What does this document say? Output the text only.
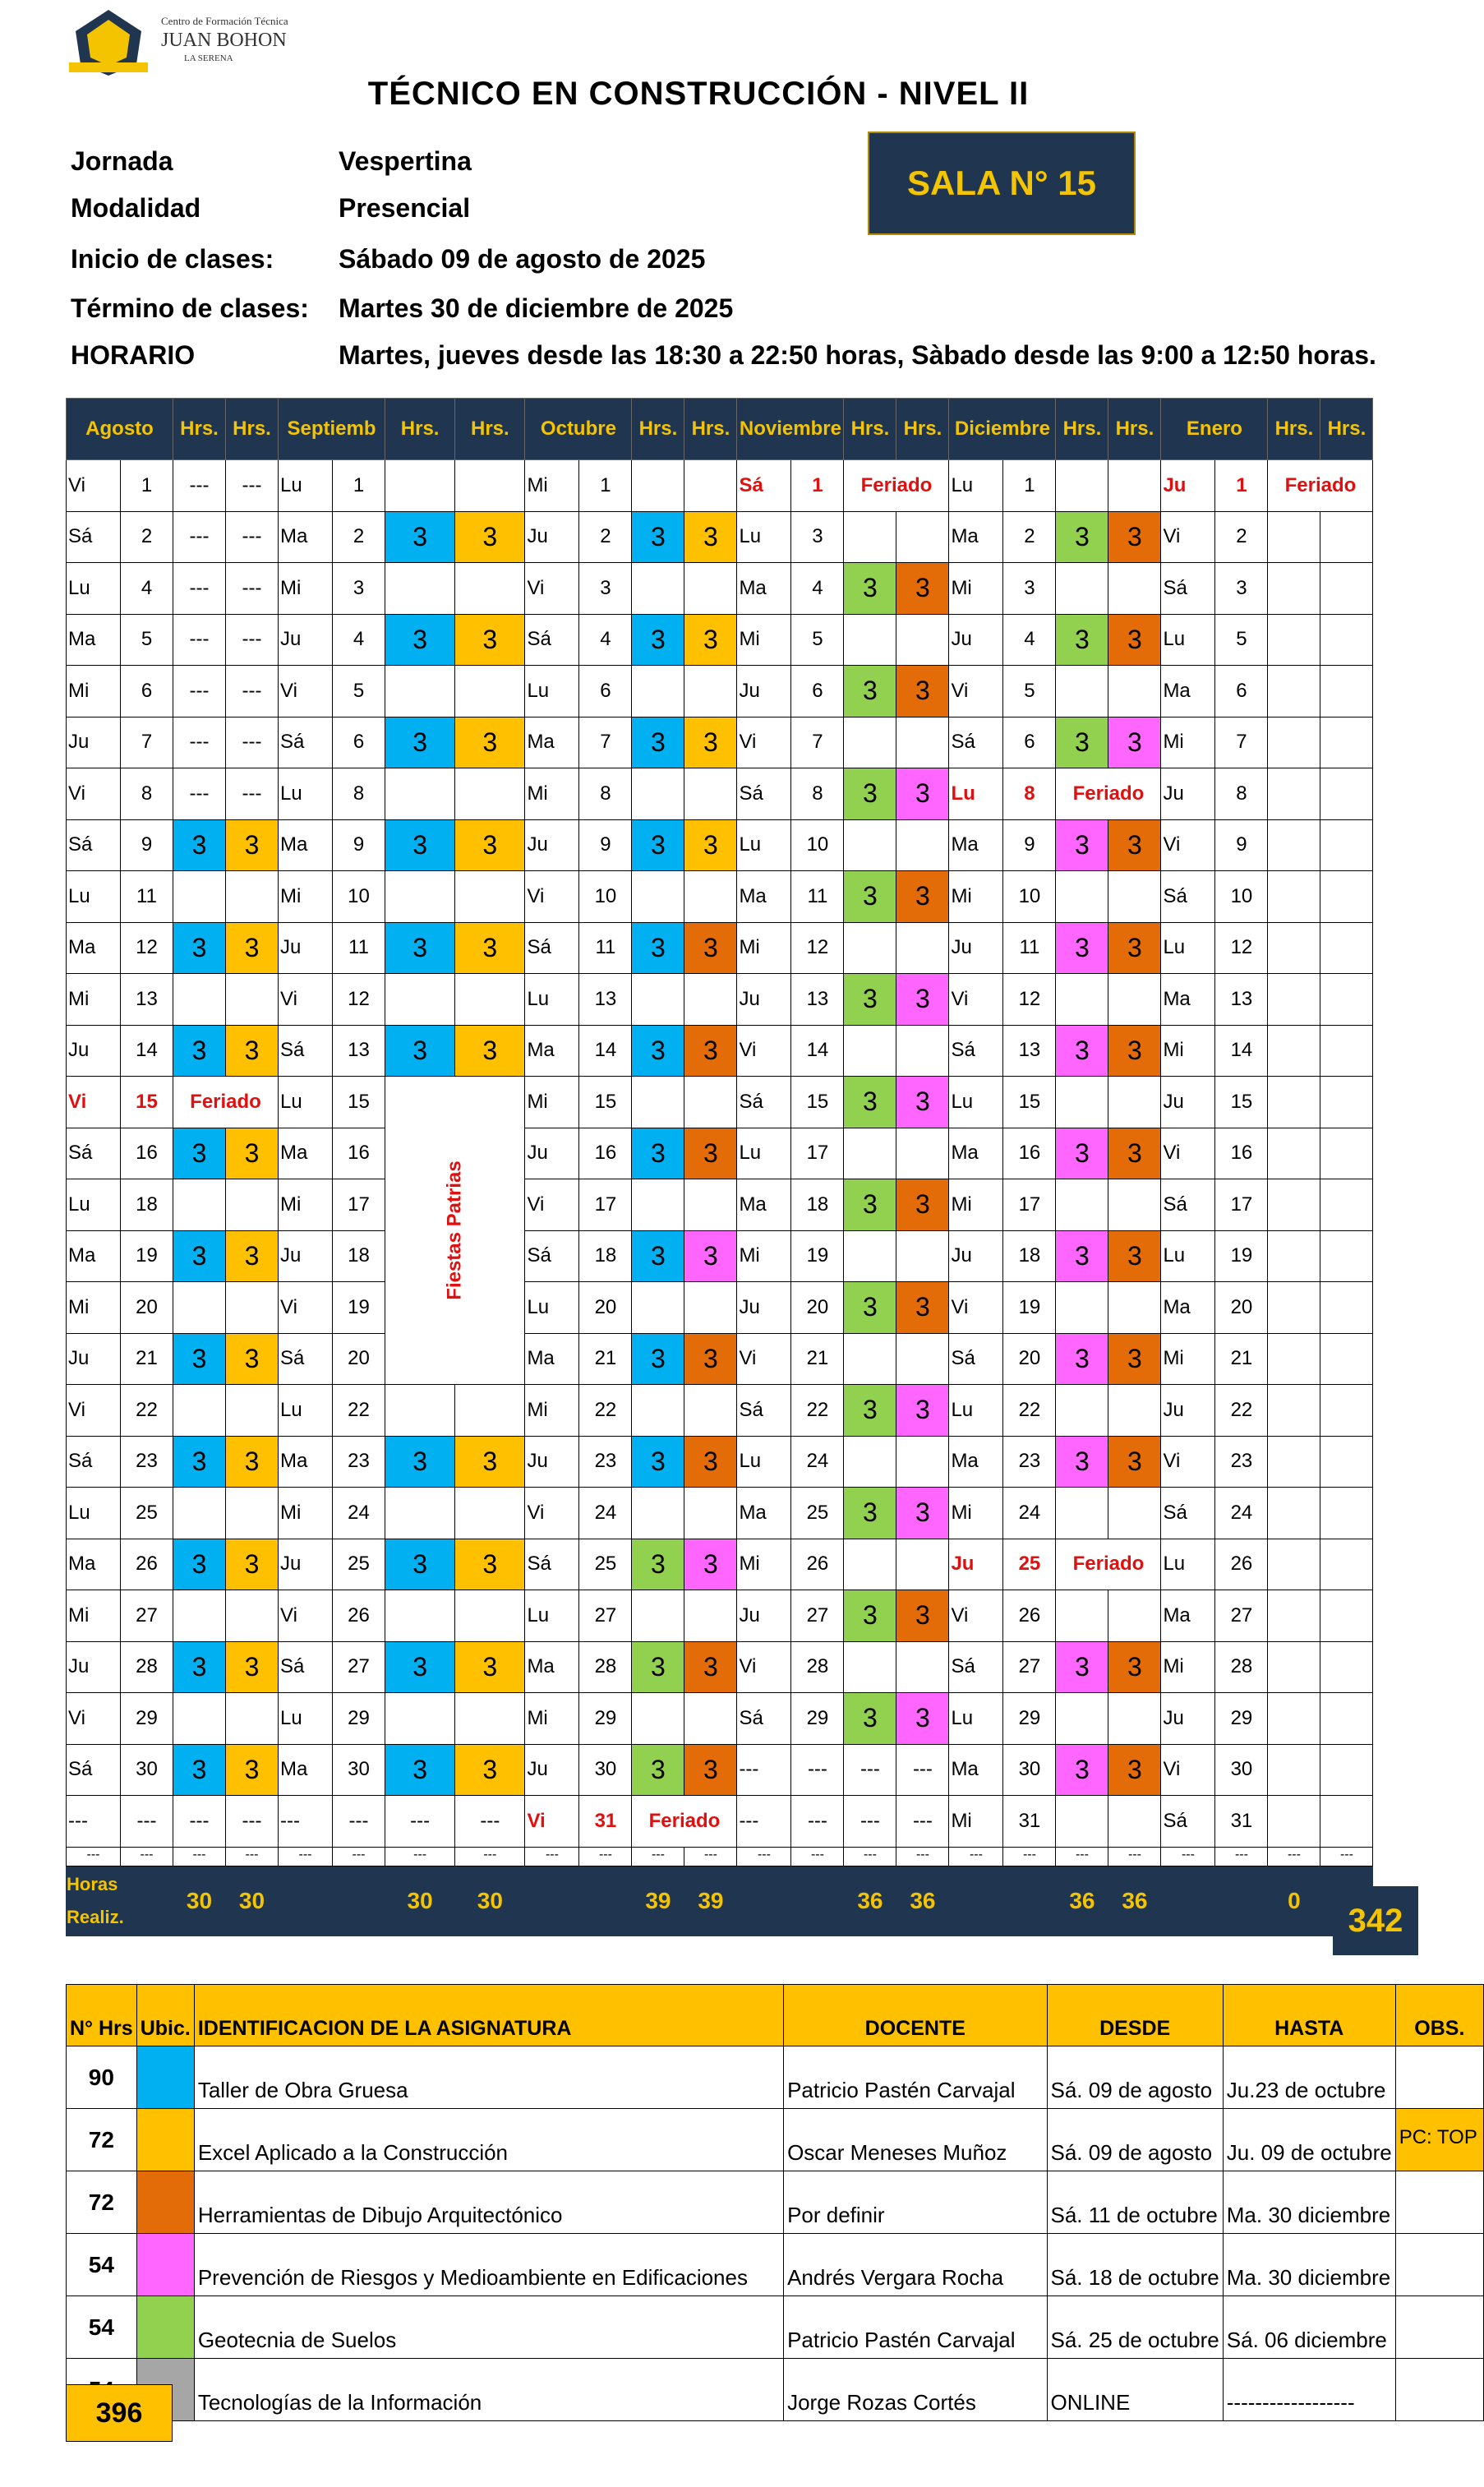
Centro de Formación Técnica
JUAN BOHON
LA SERENA
TÉCNICO EN CONSTRUCCIÓN - NIVEL II
Jornada	Vespertina
Modalidad	Presencial
Inicio de clases: Sábado 09 de agosto de 2025
Término de clases: Martes 30 de diciembre de 2025
HORARIO	Martes, jueves desde las 18:30 a 22:50 horas, Sàbado desde las 9:00 a 12:50 horas.
SALA N° 15
Agosto		Hrs.	Hrs.	Septiemb		Hrs.	Hrs.	Octubre		Hrs.	Hrs.	Noviembre		Hrs.	Hrs.	Diciembre		Hrs.	Hrs.	Enero		Hrs.	Hrs.
Vi	1	---	---	Lu	1			Mi	1			Sá	1	Feriado		Lu	1			Ju	1	Feriado	
Sá	2	---	---	Ma	2	3	3	Ju	2	3	3	Lu	3			Ma	2	3	3	Vi	2		
Lu	4	---	---	Mi	3			Vi	3			Ma	4	3	3	Mi	3			Sá	3		
Ma	5	---	---	Ju	4	3	3	Sá	4	3	3	Mi	5			Ju	4	3	3	Lu	5		
Mi	6	---	---	Vi	5			Lu	6			Ju	6	3	3	Vi	5			Ma	6		
Ju	7	---	---	Sá	6	3	3	Ma	7	3	3	Vi	7			Sá	6	3	3	Mi	7		
Vi	8	---	---	Lu	8			Mi	8			Sá	8	3	3	Lu	8	Feriado		Ju	8		
Sá	9	3	3	Ma	9	3	3	Ju	9	3	3	Lu	10			Ma	9	3	3	Vi	9		
Lu	11			Mi	10			Vi	10			Ma	11	3	3	Mi	10			Sá	10		
Ma	12	3	3	Ju	11	3	3	Sá	11	3	3	Mi	12			Ju	11	3	3	Lu	12		
Mi	13			Vi	12			Lu	13			Ju	13	3	3	Vi	12			Ma	13		
Ju	14	3	3	Sá	13	3	3	Ma	14	3	3	Vi	14			Sá	13	3	3	Mi	14		
Vi	15	Feriado		Lu	15	Fiestas Patrias		Mi	15			Sá	15	3	3	Lu	15			Ju	15		
Sá	16	3	3	Ma	16			Ju	16	3	3	Lu	17			Ma	16	3	3	Vi	16		
Lu	18			Mi	17			Vi	17			Ma	18	3	3	Mi	17			Sá	17		
Ma	19	3	3	Ju	18			Sá	18	3	3	Mi	19			Ju	18	3	3	Lu	19		
Mi	20			Vi	19			Lu	20			Ju	20	3	3	Vi	19			Ma	20		
Ju	21	3	3	Sá	20			Ma	21	3	3	Vi	21			Sá	20	3	3	Mi	21		
Vi	22			Lu	22			Mi	22			Sá	22	3	3	Lu	22			Ju	22		
Sá	23	3	3	Ma	23	3	3	Ju	23	3	3	Lu	24			Ma	23	3	3	Vi	23		
Lu	25			Mi	24			Vi	24			Ma	25	3	3	Mi	24			Sá	24		
Ma	26	3	3	Ju	25	3	3	Sá	25	3	3	Mi	26			Ju	25	Feriado		Lu	26		
Mi	27			Vi	26			Lu	27			Ju	27	3	3	Vi	26			Ma	27		
Ju	28	3	3	Sá	27	3	3	Ma	28	3	3	Vi	28			Sá	27	3	3	Mi	28		
Vi	29			Lu	29			Mi	29			Sá	29	3	3	Lu	29			Ju	29		
Sá	30	3	3	Ma	30	3	3	Ju	30	3	3	---	---	---	---	Ma	30	3	3	Vi	30		
---	---	---	---	---	---	---	---	Vi	31	Feriado		---	---	---	---	Mi	31			Sá	31		
---	---	---	---	---	---	---	---	---	---	---	---	---	---	---	---	---	---	---	---	---	---	---	---

Horas
Realiz.		30	30			30	30			39	39			36	36			36	36			0	
342
N° Hrs	Ubic.	IDENTIFICACION DE LA ASIGNATURA	DOCENTE	DESDE	HASTA	OBS.
90		Taller de Obra Gruesa	Patricio Pastén Carvajal	Sá. 09 de agosto	Ju.23 de octubre	
72		Excel Aplicado a la Construcción	Oscar Meneses Muñoz	Sá. 09 de agosto	Ju. 09 de octubre	PC: TOP
72		Herramientas de Dibujo Arquitectónico	Por definir	Sá. 11 de octubre	Ma. 30 diciembre	
54		Prevención de Riesgos y Medioambiente en Edificaciones	Andrés Vergara Rocha	Sá. 18 de octubre	Ma. 30 diciembre	
54		Geotecnia de Suelos	Patricio Pastén Carvajal	Sá. 25 de octubre	Sá. 06 diciembre	
		Tecnologías de la Información	Jorge Rozas Cortés	ONLINE	------------------	
396
